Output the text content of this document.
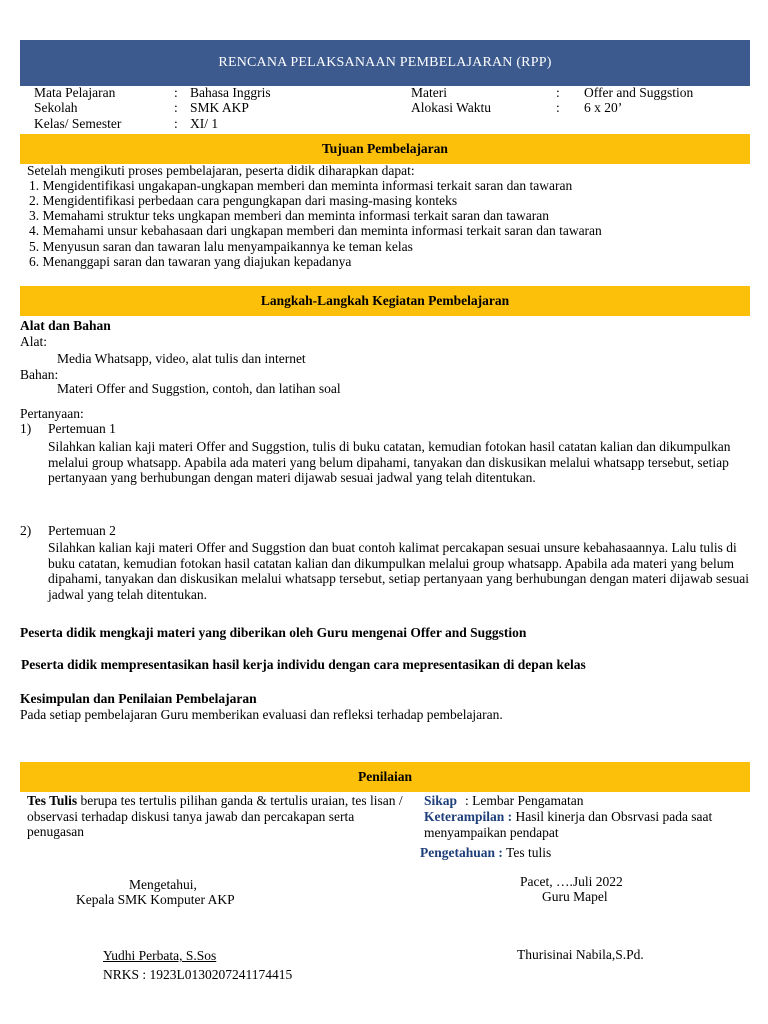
RENCANA PELAKSANAAN PEMBELAJARAN (RPP)
Mata Pelajaran	: Bahasa Inggris
Sekolah	: SMK AKP
Kelas/ Semester	: XI/ 1
Materi	: Offer and Suggstion
Alokasi Waktu	: 6 x 20’
Tujuan Pembelajaran
Setelah mengikuti proses pembelajaran, peserta didik diharapkan dapat:
1. Mengidentifikasi ungakapan-ungkapan memberi dan meminta informasi terkait saran dan tawaran
2. Mengidentifikasi perbedaan cara pengungkapan dari masing-masing konteks
3. Memahami struktur teks ungkapan memberi dan meminta informasi terkait saran dan tawaran
4. Memahami unsur kebahasaan dari ungkapan memberi dan meminta informasi terkait saran dan tawaran
5. Menyusun saran dan tawaran lalu menyampaikannya ke teman kelas
6. Menanggapi saran dan tawaran yang diajukan kepadanya
Langkah-Langkah Kegiatan Pembelajaran
Alat dan Bahan
Alat:
Media Whatsapp, video, alat tulis dan internet
Bahan:
Materi Offer and Suggstion, contoh, dan latihan soal
Pertanyaan:
1) Pertemuan 1
Silahkan kalian kaji materi Offer and Suggstion, tulis di buku catatan, kemudian fotokan hasil catatan kalian dan dikumpulkan melalui group whatsapp. Apabila ada materi yang belum dipahami, tanyakan dan diskusikan melalui whatsapp tersebut, setiap pertanyaan yang berhubungan dengan materi dijawab sesuai jadwal yang telah ditentukan.
2) Pertemuan 2
Silahkan kalian kaji materi Offer and Suggstion dan buat contoh kalimat percakapan sesuai unsure kebahasaannya. Lalu tulis di buku catatan, kemudian fotokan hasil catatan kalian dan dikumpulkan melalui group whatsapp. Apabila ada materi yang belum dipahami, tanyakan dan diskusikan melalui whatsapp tersebut, setiap pertanyaan yang berhubungan dengan materi dijawab sesuai jadwal yang telah ditentukan.
Peserta didik mengkaji materi yang diberikan oleh Guru mengenai Offer and Suggstion
Peserta didik mempresentasikan hasil kerja individu dengan cara mepresentasikan di depan kelas
Kesimpulan dan Penilaian Pembelajaran
Pada setiap pembelajaran Guru memberikan evaluasi dan refleksi terhadap pembelajaran.
Penilaian
Tes Tulis berupa tes tertulis pilihan ganda & tertulis uraian, tes lisan / observasi terhadap diskusi tanya jawab dan percakapan serta penugasan
Sikap : Lembar Pengamatan
Keterampilan : Hasil kinerja dan Obsrvasi pada saat menyampaikan pendapat
Pengetahuan : Tes tulis
Mengetahui,
Kepala SMK Komputer AKP
Yudhi Perbata, S.Sos
NRKS : 1923L0130207241174415
Pacet, ….Juli 2022
Guru Mapel
Thurisinai Nabila,S.Pd.
